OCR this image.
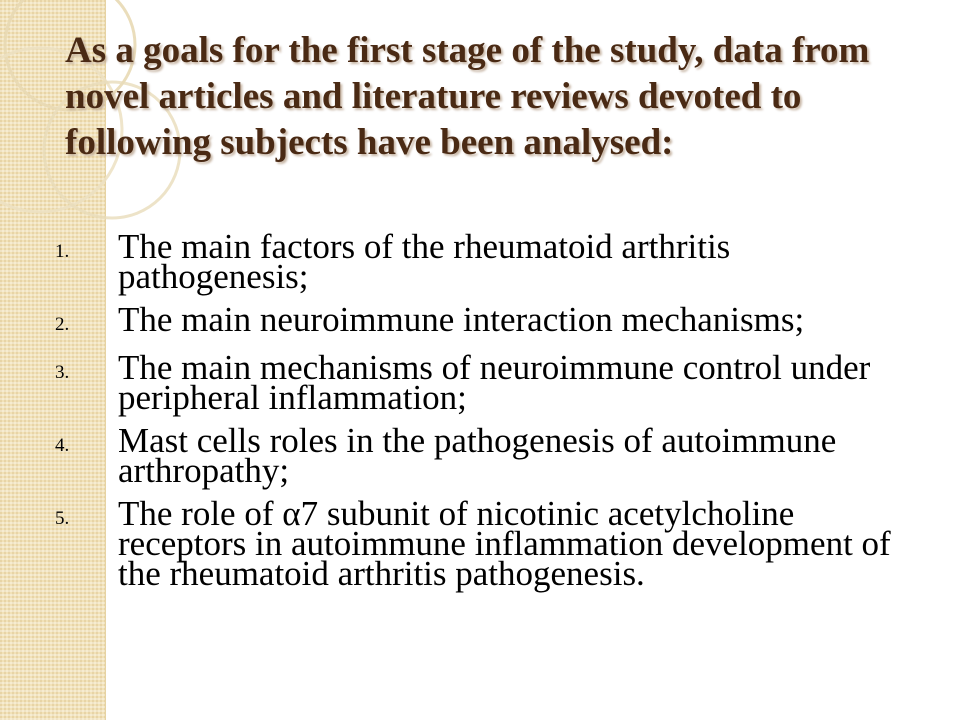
As a goals for the first stage of the study, data from novel articles and literature reviews devoted to following subjects have been analysed:
1.	The main factors of the rheumatoid arthritis pathogenesis;
2.	The main neuroimmune interaction mechanisms;
3.	The main mechanisms of neuroimmune control under peripheral inflammation;
4.	Mast cells roles in the pathogenesis of autoimmune arthropathy;
5.	The role of α7 subunit of nicotinic acetylcholine receptors in autoimmune inflammation development of the rheumatoid arthritis pathogenesis.
